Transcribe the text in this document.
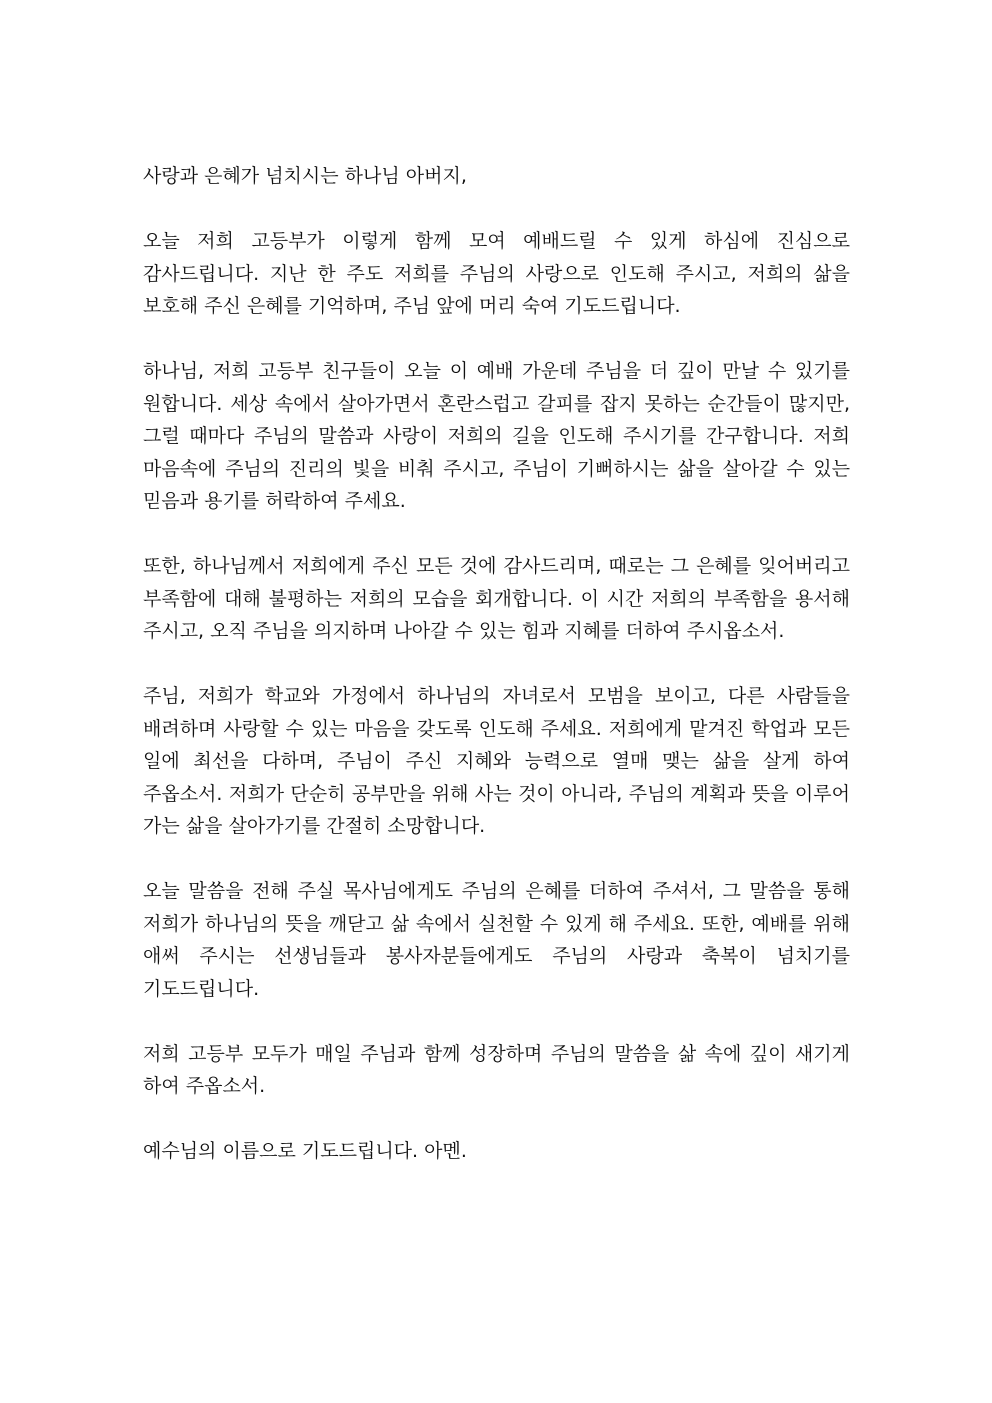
사랑과 은혜가 넘치시는 하나님 아버지,

오늘 저희 고등부가 이렇게 함께 모여 예배드릴 수 있게 하심에 진심으로 감사드립니다. 지난 한 주도 저희를 주님의 사랑으로 인도해 주시고, 저희의 삶을 보호해 주신 은혜를 기억하며, 주님 앞에 머리 숙여 기도드립니다.

하나님, 저희 고등부 친구들이 오늘 이 예배 가운데 주님을 더 깊이 만날 수 있기를 원합니다. 세상 속에서 살아가면서 혼란스럽고 갈피를 잡지 못하는 순간들이 많지만, 그럴 때마다 주님의 말씀과 사랑이 저희의 길을 인도해 주시기를 간구합니다. 저희 마음속에 주님의 진리의 빛을 비춰 주시고, 주님이 기뻐하시는 삶을 살아갈 수 있는 믿음과 용기를 허락하여 주세요.

또한, 하나님께서 저희에게 주신 모든 것에 감사드리며, 때로는 그 은혜를 잊어버리고 부족함에 대해 불평하는 저희의 모습을 회개합니다. 이 시간 저희의 부족함을 용서해 주시고, 오직 주님을 의지하며 나아갈 수 있는 힘과 지혜를 더하여 주시옵소서.

주님, 저희가 학교와 가정에서 하나님의 자녀로서 모범을 보이고, 다른 사람들을 배려하며 사랑할 수 있는 마음을 갖도록 인도해 주세요. 저희에게 맡겨진 학업과 모든 일에 최선을 다하며, 주님이 주신 지혜와 능력으로 열매 맺는 삶을 살게 하여 주옵소서. 저희가 단순히 공부만을 위해 사는 것이 아니라, 주님의 계획과 뜻을 이루어 가는 삶을 살아가기를 간절히 소망합니다.

오늘 말씀을 전해 주실 목사님에게도 주님의 은혜를 더하여 주셔서, 그 말씀을 통해 저희가 하나님의 뜻을 깨닫고 삶 속에서 실천할 수 있게 해 주세요. 또한, 예배를 위해 애써 주시는 선생님들과 봉사자분들에게도 주님의 사랑과 축복이 넘치기를 기도드립니다.

저희 고등부 모두가 매일 주님과 함께 성장하며 주님의 말씀을 삶 속에 깊이 새기게 하여 주옵소서.

예수님의 이름으로 기도드립니다. 아멘.
